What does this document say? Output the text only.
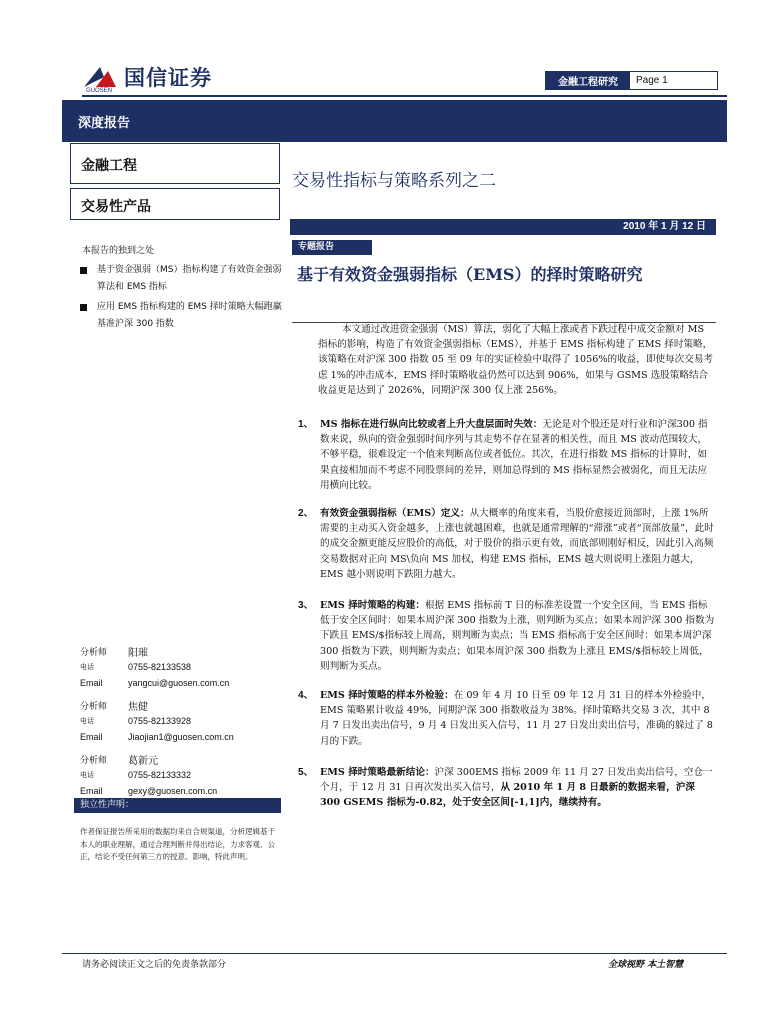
国信证券
GUOSEN
金融工程研究	Page 1
深度报告
金融工程
交易性产品
交易性指标与策略系列之二
2010 年 1 月 12 日
专题报告
基于有效资金强弱指标（EMS）的择时策略研究
本报告的独到之处
基于资金强弱（MS）指标构建了有效资金强弱算法和 EMS 指标
应用 EMS 指标构建的 EMS 择时策略大幅跑赢基准沪深 300 指数
分析师	阳璀
电话	0755-82133538
Email	yangcui@guosen.com.cn
分析师	焦健
电话	0755-82133928
Email	Jiaojian1@guosen.com.cn
分析师	葛新元
电话	0755-82133332
Email	gexy@guosen.com.cn
独立性声明：
作者保证报告所采用的数据均来自合规渠道，分析逻辑基于本人的职业理解，通过合理判断并得出结论，力求客观、公正，结论不受任何第三方的授意、影响，特此声明。

本文通过改进资金强弱（MS）算法，弱化了大幅上涨或者下跌过程中成交金额对 MS 指标的影响，构造了有效资金强弱指标（EMS），并基于 EMS 指标构建了 EMS 择时策略，该策略在对沪深 300 指数 05 至 09 年的实证检验中取得了 1056%的收益，即使每次交易考虑 1%的冲击成本，EMS 择时策略收益仍然可以达到 906%，如果与 GSMS 选股策略结合收益更是达到了 2026%，同期沪深 300 仅上涨 256%。

1、 MS 指标在进行纵向比较或者上升大盘层面时失效：无论是对个股还是对行业和沪深300 指数来说，纵向的资金强弱时间序列与其走势不存在显著的相关性，而且 MS 波动范围较大，不够平稳，很难设定一个值来判断高位或者低位。其次，在进行指数 MS 指标的计算时，如果直接相加而不考虑不同股票间的差异，则加总得到的 MS 指标显然会被弱化，而且无法应用横向比较。
2、 有效资金强弱指标（EMS）定义：从大概率的角度来看，当股价愈接近顶部时，上涨 1%所需要的主动买入资金越多，上涨也就越困难，也就是通常理解的“滞涨”或者“顶部放量”，此时的成交金额更能反应股价的高低，对于股价的指示更有效，而底部则刚好相反，因此引入高频交易数据对正向 MS\负向 MS 加权，构建 EMS 指标，EMS 越大则说明上涨阻力越大，EMS 越小则说明下跌阻力越大。
3、 EMS 择时策略的构建：根据 EMS 指标前 T 日的标准差设置一个安全区间，当 EMS 指标低于安全区间时：如果本周沪深 300 指数为上涨，则判断为买点；如果本周沪深 300 指数为下跌且 EMS/$指标较上周高，则判断为卖点；当 EMS 指标高于安全区间时：如果本周沪深 300 指数为下跌，则判断为卖点；如果本周沪深 300 指数为上涨且 EMS/$指标较上周低，则判断为买点。
4、 EMS 择时策略的样本外检验：在 09 年 4 月 10 日至 09 年 12 月 31 日的样本外检验中，EMS 策略累计收益 49%，同期沪深 300 指数收益为 38%。择时策略共交易 3 次，其中 8 月 7 日发出卖出信号，9 月 4 日发出买入信号，11 月 27 日发出卖出信号，准确的躲过了 8 月的下跌。
5、 EMS 择时策略最新结论：沪深 300EMS 指标 2009 年 11 月 27 日发出卖出信号，空仓一个月，于 12 月 31 日再次发出买入信号，从 2010 年 1 月 8 日最新的数据来看，沪深 300 GSEMS 指标为-0.82，处于安全区间[-1,1]内，继续持有。
请务必阅读正文之后的免责条款部分	全球视野 本土智慧
